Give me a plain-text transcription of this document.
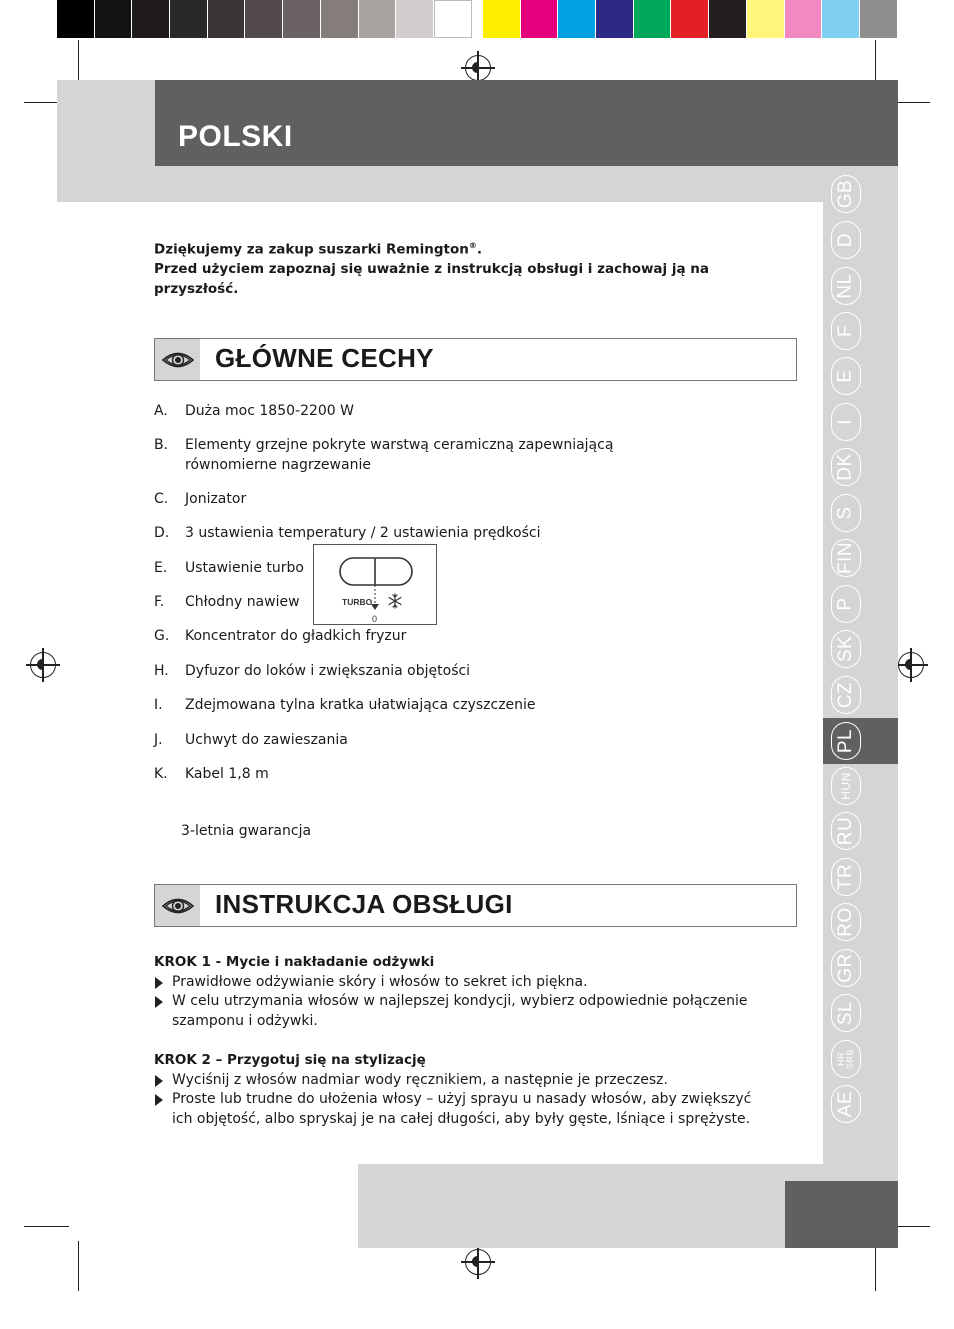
POLSKI
GB
D
NL
F
E
I
DK
S
FIN
P
SK
CZ
PL
HUN
RU
TR
RO
GR
SL
HR
SRB
AE
Dziękujemy za zakup suszarki Remington®.
Przed użyciem zapoznaj się uważnie z instrukcją obsługi i zachowaj ją na przyszłość.
GŁÓWNE CECHY
A.	Duża moc 1850-2200 W
B.	Elementy grzejne pokryte warstwą ceramiczną zapewniającą równomierne nagrzewanie
C.	Jonizator
D.	3 ustawienia temperatury / 2 ustawienia prędkości
E.	Ustawienie turbo
F.	Chłodny nawiew
G.	Koncentrator do gładkich fryzur
H.	Dyfuzor do loków i zwiększania objętości
I.	Zdejmowana tylna kratka ułatwiająca czyszczenie
J.	Uchwyt do zawieszania
K.	Kabel 1,8 m
TURBO
0
3-letnia gwarancja
INSTRUKCJA OBSŁUGI
KROK 1 - Mycie i nakładanie odżywki
Prawidłowe odżywianie skóry i włosów to sekret ich piękna.
W celu utrzymania włosów w najlepszej kondycji, wybierz odpowiednie połączenie szamponu i odżywki.
KROK 2 – Przygotuj się na stylizację
Wyciśnij z włosów nadmiar wody ręcznikiem, a następnie je przeczesz.
Proste lub trudne do ułożenia włosy – użyj sprayu u nasady włosów, aby zwiększyć ich objętość, albo spryskaj je na całej długości, aby były gęste, lśniące i sprężyste.
